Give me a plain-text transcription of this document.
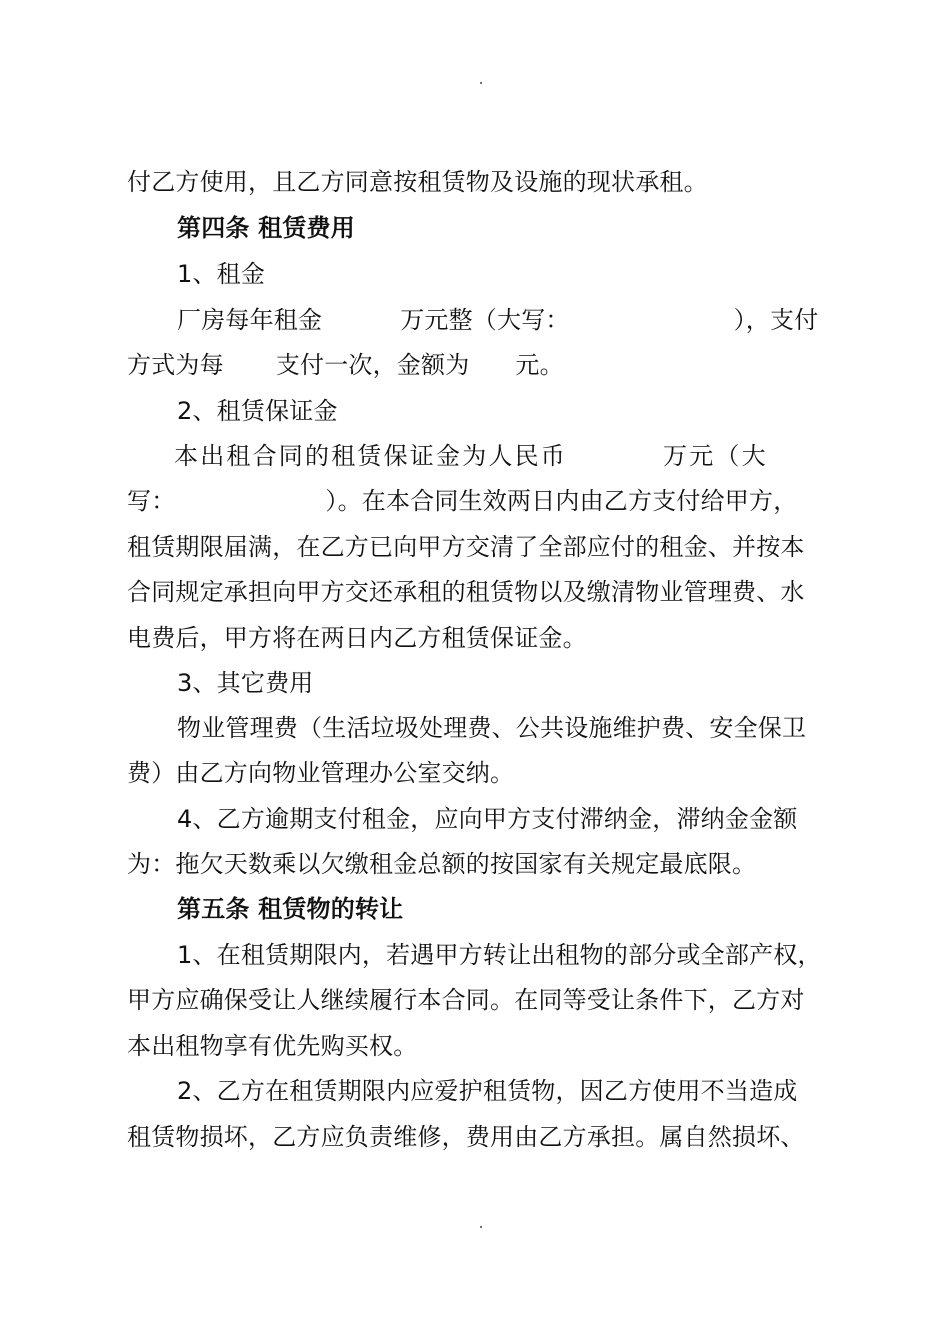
付乙方使用，且乙方同意按租赁物及设施的现状承租。
第四条 租赁费用
1、租金
厂房每年租金	万元整（大写：	），支付
方式为每 支付一次，金额为 元。
2、租赁保证金
本出租合同的租赁保证金为人民币	万元（大
写：	）。在本合同生效两日内由乙方支付给甲方，
租赁期限届满，在乙方已向甲方交清了全部应付的租金、并按本
合同规定承担向甲方交还承租的租赁物以及缴清物业管理费、水
电费后，甲方将在两日内乙方租赁保证金。
3、其它费用
物业管理费（生活垃圾处理费、公共设施维护费、安全保卫
费）由乙方向物业管理办公室交纳。
4、乙方逾期支付租金，应向甲方支付滞纳金，滞纳金金额
为：拖欠天数乘以欠缴租金总额的按国家有关规定最底限。
第五条 租赁物的转让
1、在租赁期限内，若遇甲方转让出租物的部分或全部产权，
甲方应确保受让人继续履行本合同。在同等受让条件下，乙方对
本出租物享有优先购买权。
2、乙方在租赁期限内应爱护租赁物，因乙方使用不当造成
租赁物损坏，乙方应负责维修，费用由乙方承担。属自然损坏、
